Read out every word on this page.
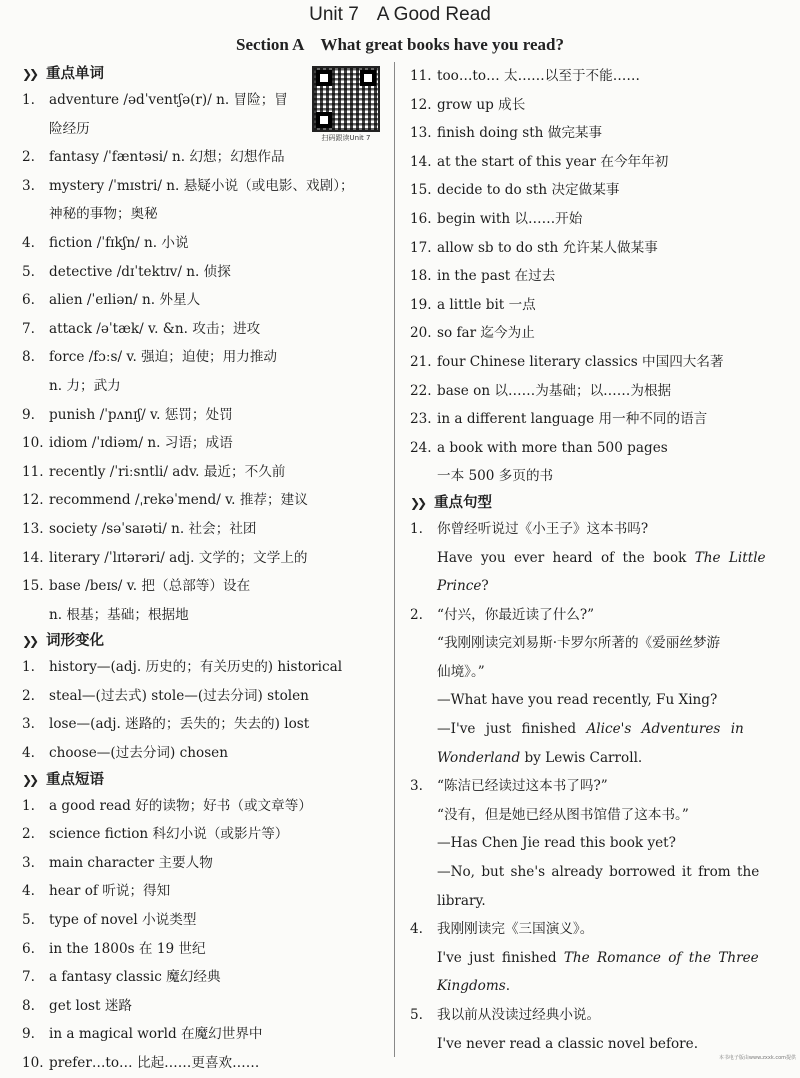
Unit 7 A Good Read
Section A What great books have you read?
扫码跟读Unit 7
❯❯ 重点单词
1. adventure /ədˈventʃə(r)/ n. 冒险；冒
险经历
2. fantasy /ˈfæntəsi/ n. 幻想；幻想作品
3. mystery /ˈmɪstri/ n. 悬疑小说（或电影、戏剧）；
神秘的事物；奥秘
4. fiction /ˈfɪkʃn/ n. 小说
5. detective /dɪˈtektɪv/ n. 侦探
6. alien /ˈeɪliən/ n. 外星人
7. attack /əˈtæk/ v. &n. 攻击；进攻
8. force /fɔːs/ v. 强迫；迫使；用力推动
n. 力；武力
9. punish /ˈpʌnɪʃ/ v. 惩罚；处罚
10. idiom /ˈɪdiəm/ n. 习语；成语
11. recently /ˈriːsntli/ adv. 最近；不久前
12. recommend /ˌrekəˈmend/ v. 推荐；建议
13. society /səˈsaɪəti/ n. 社会；社团
14. literary /ˈlɪtərəri/ adj. 文学的；文学上的
15. base /beɪs/ v. 把（总部等）设在
n. 根基；基础；根据地
❯❯ 词形变化
1. history—(adj. 历史的；有关历史的) historical
2. steal—(过去式) stole—(过去分词) stolen
3. lose—(adj. 迷路的；丢失的；失去的) lost
4. choose—(过去分词) chosen
❯❯ 重点短语
1. a good read 好的读物；好书（或文章等）
2. science fiction 科幻小说（或影片等）
3. main character 主要人物
4. hear of 听说；得知
5. type of novel 小说类型
6. in the 1800s 在 19 世纪
7. a fantasy classic 魔幻经典
8. get lost 迷路
9. in a magical world 在魔幻世界中
10. prefer…to… 比起……更喜欢……
11. too…to… 太……以至于不能……
12. grow up 成长
13. finish doing sth 做完某事
14. at the start of this year 在今年年初
15. decide to do sth 决定做某事
16. begin with 以……开始
17. allow sb to do sth 允许某人做某事
18. in the past 在过去
19. a little bit 一点
20. so far 迄今为止
21. four Chinese literary classics 中国四大名著
22. base on 以……为基础；以……为根据
23. in a different language 用一种不同的语言
24. a book with more than 500 pages
一本 500 多页的书
❯❯ 重点句型
1. 你曾经听说过《小王子》这本书吗?
Have you ever heard of the book The Little
Prince?
2. “付兴，你最近读了什么?”
“我刚刚读完刘易斯·卡罗尔所著的《爱丽丝梦游
仙境》。”
—What have you read recently, Fu Xing?
—I've just finished Alice's Adventures in
Wonderland by Lewis Carroll.
3. “陈洁已经读过这本书了吗?”
“没有，但是她已经从图书馆借了这本书。”
—Has Chen Jie read this book yet?
—No, but she's already borrowed it from the
library.
4. 我刚刚读完《三国演义》。
I've just finished The Romance of the Three
Kingdoms.
5. 我以前从没读过经典小说。
I've never read a classic novel before.
本书电子版由www.zxxk.com提供
